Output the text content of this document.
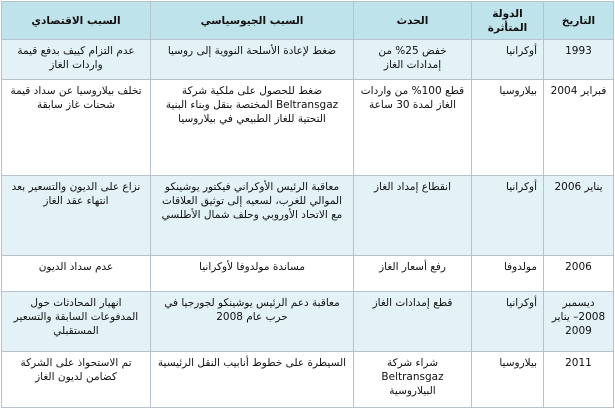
التاريخ	الدولة المتأثرة	الحدث	السبب الجيوسياسي	السبب الاقتصادي
1993	أوكرانيا	خفض 25% من إمدادات الغاز	ضغط لإعادة الأسلحة النووية إلى روسيا	عدم التزام كييف بدفع قيمة واردات الغاز
فبراير 2004	بيلاروسيا	قطع 100% من واردات الغاز لمدة 30 ساعة	ضغط للحصول على ملكية شركة Beltransgaz المختصة بنقل وبناء البنية التحتية للغاز الطبيعي في بيلاروسيا	تخلف بيلاروسيا عن سداد قيمة شحنات غاز سابقة
يناير 2006	أوكرانيا	انقطاع إمداد الغاز	معاقبة الرئيس الأوكراني فيكتور يوشينكو الموالي للغرب، لسعيه إلى توثيق العلاقات مع الاتحاد الأوروبي وحلف شمال الأطلسي	نزاع على الديون والتسعير بعد انتهاء عقد الغاز
2006	مولدوفا	رفع أسعار الغاز	مساندة مولدوفا لأوكرانيا	عدم سداد الديون
ديسمبر 2008– يناير 2009	أوكرانيا	قطع إمدادات الغاز	معاقبة دعم الرئيس يوشينكو لجورجيا في حرب عام 2008	انهيار المحادثات حول المدفوعات السابقة والتسعير المستقبلي
2011	بيلاروسيا	شراء شركة Beltransgaz البيلاروسية	السيطرة على خطوط أنابيب النقل الرئيسية	تم الاستحواذ على الشركة كضامن لديون الغاز
